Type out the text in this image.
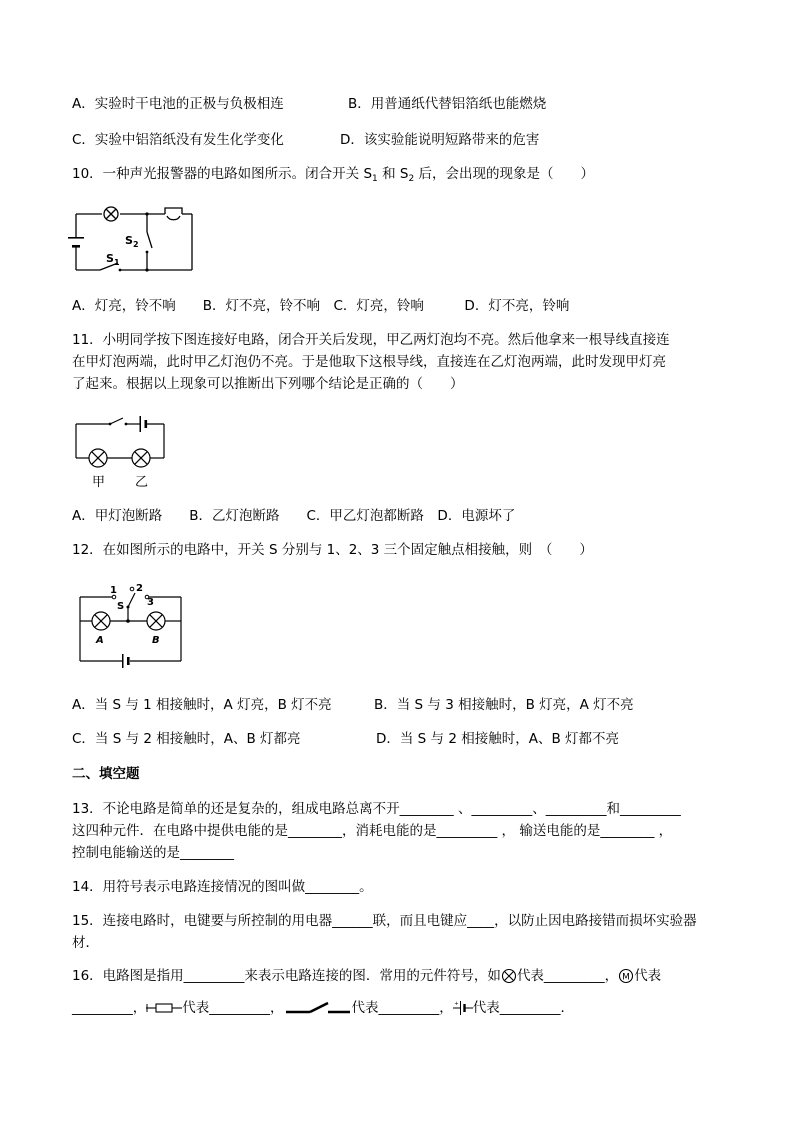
A．实验时干电池的正极与负极相连	B．用普通纸代替铝箔纸也能燃烧
C．实验中铝箔纸没有发生化学变化	D．该实验能说明短路带来的危害
10．一种声光报警器的电路如图所示。闭合开关 $S_1$ 和 $S_2$ 后，会出现的现象是（　　）
$S_2$
$S_1$
A．灯亮，铃不响　　B．灯不亮，铃不响　C．灯亮，铃响　　　D．灯不亮，铃响
11．小明同学按下图连接好电路，闭合开关后发现，甲乙两灯泡均不亮。然后他拿来一根导线直接连
在甲灯泡两端，此时甲乙灯泡仍不亮。于是他取下这根导线，直接连在乙灯泡两端，此时发现甲灯亮
了起来。根据以上现象可以推断出下列哪个结论是正确的（　　）
甲 乙
A．甲灯泡断路　　B．乙灯泡断路　　C．甲乙灯泡都断路　D．电源坏了
12．在如图所示的电路中，开关 S 分别与 1、2、3 三个固定触点相接触，则　（　　）
1 2
3
S
A	B
A．当 S 与 1 相接触时，A 灯亮，B 灯不亮	B．当 S 与 3 相接触时，B 灯亮，A 灯不亮
C．当 S 与 2 相接触时，A、B 灯都亮	D．当 S 与 2 相接触时，A、B 灯都不亮
二、填空题
13．不论电路是简单的还是复杂的，组成电路总离不开________ 、_________、_________和_________
这四种元件．在电路中提供电能的是________，消耗电能的是_________ ， 输送电能的是________ ，
控制电能输送的是________
14．用符号表示电路连接情况的图叫做________。
15．连接电路时，电键要与所控制的用电器______联，而且电键应____，以防止因电路接错而损坏实验器
材．
16．电路图是指用_________来表示电路连接的图．常用的元件符号，如 代表_________， M 代表
_________，	代表_________，	代表_________， + 代表_________．
